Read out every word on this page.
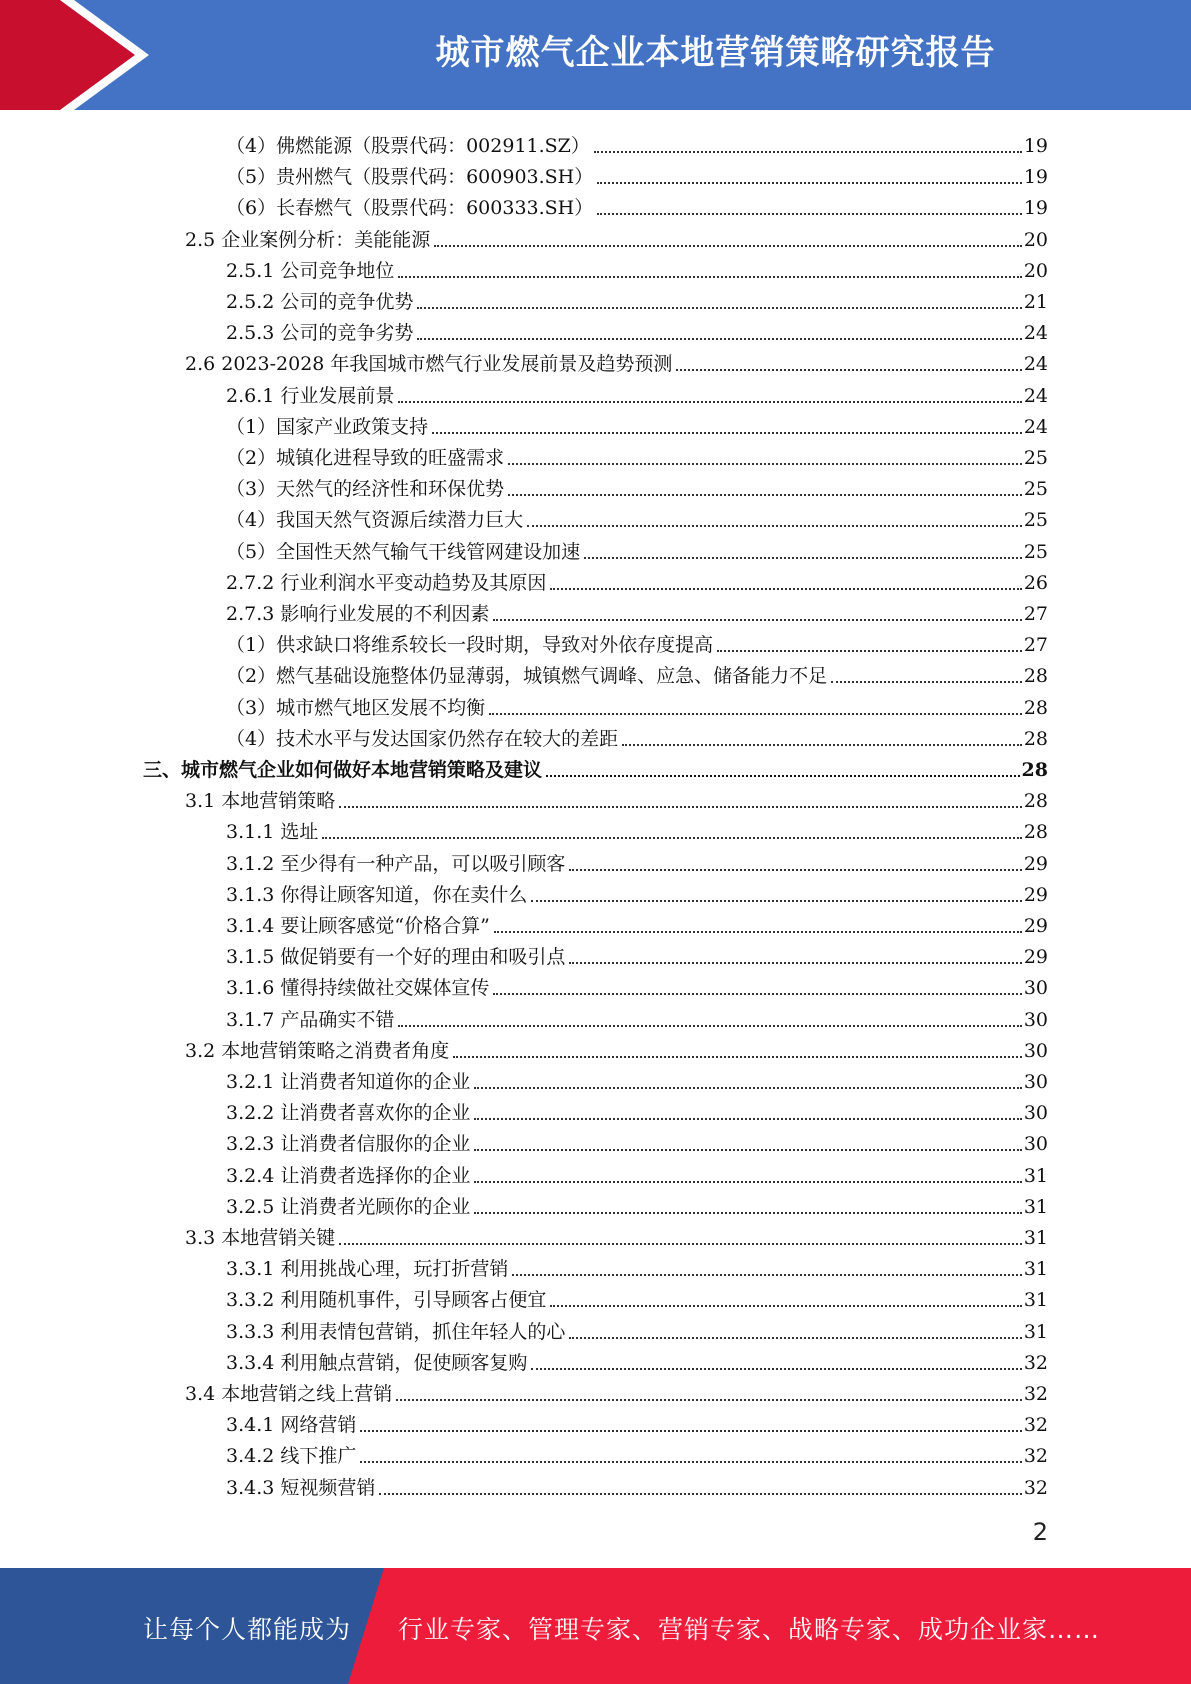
城市燃气企业本地营销策略研究报告
（4）佛燃能源（股票代码：002911.SZ）	19
（5）贵州燃气（股票代码：600903.SH）	19
（6）长春燃气（股票代码：600333.SH）	19
2.5 企业案例分析：美能能源	20
2.5.1 公司竞争地位	20
2.5.2 公司的竞争优势	21
2.5.3 公司的竞争劣势	24
2.6 2023-2028 年我国城市燃气行业发展前景及趋势预测	24
2.6.1 行业发展前景	24
（1）国家产业政策支持	24
（2）城镇化进程导致的旺盛需求	25
（3）天然气的经济性和环保优势	25
（4）我国天然气资源后续潜力巨大	25
（5）全国性天然气输气干线管网建设加速	25
2.7.2 行业利润水平变动趋势及其原因	26
2.7.3 影响行业发展的不利因素	27
（1）供求缺口将维系较长一段时期，导致对外依存度提高	27
（2）燃气基础设施整体仍显薄弱，城镇燃气调峰、应急、储备能力不足	28
（3）城市燃气地区发展不均衡	28
（4）技术水平与发达国家仍然存在较大的差距	28
三、城市燃气企业如何做好本地营销策略及建议	28
3.1 本地营销策略	28
3.1.1 选址	28
3.1.2 至少得有一种产品，可以吸引顾客	29
3.1.3 你得让顾客知道，你在卖什么	29
3.1.4 要让顾客感觉“价格合算”	29
3.1.5 做促销要有一个好的理由和吸引点	29
3.1.6 懂得持续做社交媒体宣传	30
3.1.7 产品确实不错	30
3.2 本地营销策略之消费者角度	30
3.2.1 让消费者知道你的企业	30
3.2.2 让消费者喜欢你的企业	30
3.2.3 让消费者信服你的企业	30
3.2.4 让消费者选择你的企业	31
3.2.5 让消费者光顾你的企业	31
3.3 本地营销关键	31
3.3.1 利用挑战心理，玩打折营销	31
3.3.2 利用随机事件，引导顾客占便宜	31
3.3.3 利用表情包营销，抓住年轻人的心	31
3.3.4 利用触点营销，促使顾客复购	32
3.4 本地营销之线上营销	32
3.4.1 网络营销	32
3.4.2 线下推广	32
3.4.3 短视频营销	32
2
让每个人都能成为 行业专家、管理专家、营销专家、战略专家、成功企业家……
